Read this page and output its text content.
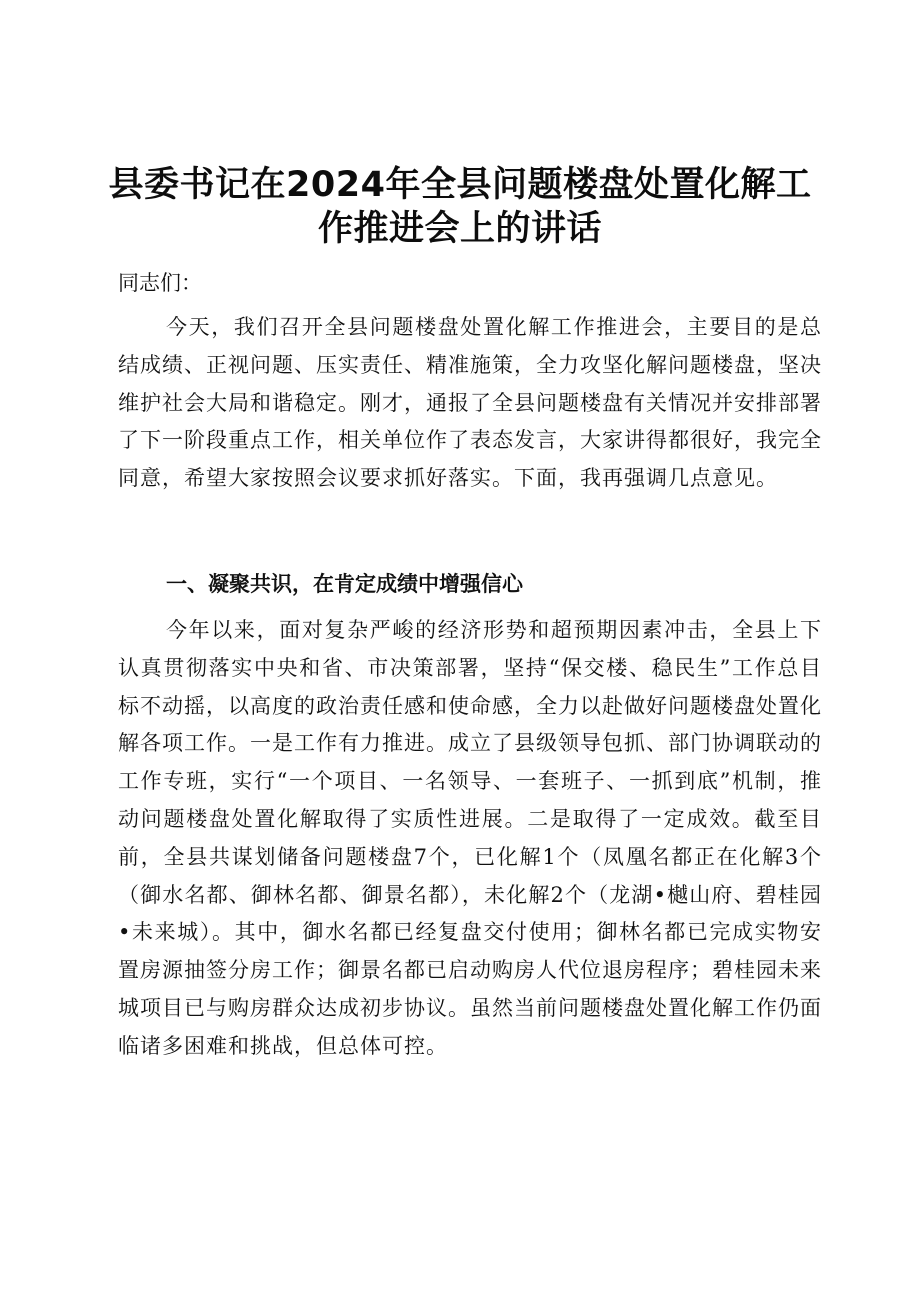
县委书记在2024年全县问题楼盘处置化解工
作推进会上的讲话

同志们：

今天，我们召开全县问题楼盘处置化解工作推进会，主要目的是总结成绩、正视问题、压实责任、精准施策，全力攻坚化解问题楼盘，坚决维护社会大局和谐稳定。刚才，通报了全县问题楼盘有关情况并安排部署了下一阶段重点工作，相关单位作了表态发言，大家讲得都很好，我完全同意，希望大家按照会议要求抓好落实。下面，我再强调几点意见。

一、凝聚共识，在肯定成绩中增强信心

今年以来，面对复杂严峻的经济形势和超预期因素冲击，全县上下认真贯彻落实中央和省、市决策部署，坚持“保交楼、稳民生”工作总目标不动摇，以高度的政治责任感和使命感，全力以赴做好问题楼盘处置化解各项工作。一是工作有力推进。成立了县级领导包抓、部门协调联动的工作专班，实行“一个项目、一名领导、一套班子、一抓到底”机制，推动问题楼盘处置化解取得了实质性进展。二是取得了一定成效。截至目前，全县共谋划储备问题楼盘7个，已化解1个（凤凰名都正在化解3个（御水名都、御林名都、御景名都），未化解2个（龙湖•樾山府、碧桂园•未来城）。其中，御水名都已经复盘交付使用；御林名都已完成实物安置房源抽签分房工作；御景名都已启动购房人代位退房程序；碧桂园未来城项目已与购房群众达成初步协议。虽然当前问题楼盘处置化解工作仍面临诸多困难和挑战，但总体可控。
